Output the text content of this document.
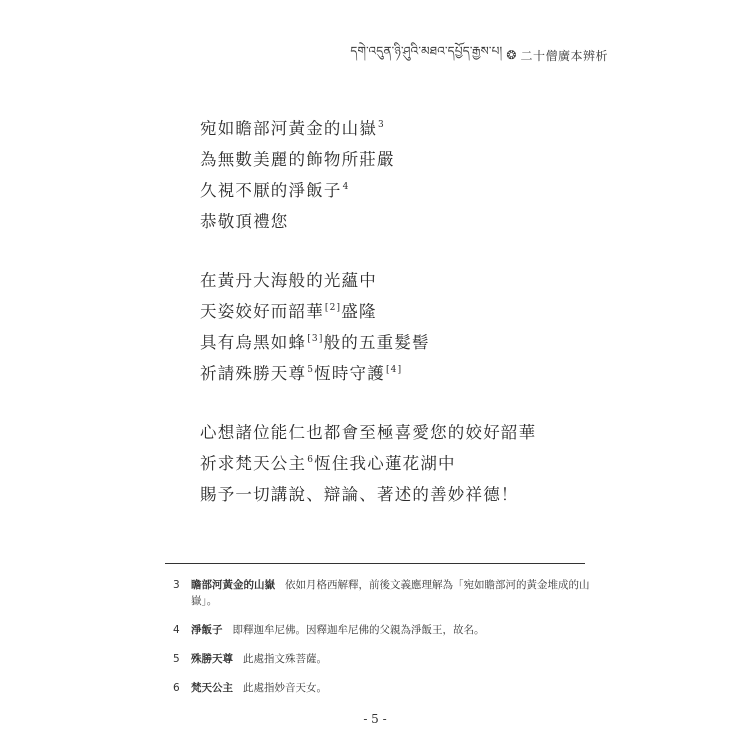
དགེ་འདུན་ཉི་ཤུའི་མཐའ་དཔྱོད་རྒྱས་པ། ❂ 二十僧廣本辨析
宛如瞻部河黃金的山嶽$^3$
為無數美麗的飾物所莊嚴
久視不厭的淨飯子$^4$
恭敬頂禮您
在黃丹大海般的光蘊中
天姿姣好而韶華[2]盛隆
具有烏黑如蜂[3]般的五重髮髻
祈請殊勝天尊$^5$恆時守護[4]
心想諸位能仁也都會至極喜愛您的姣好韶華
祈求梵天公主$^6$恆住我心蓮花湖中
賜予一切講說、辯論、著述的善妙祥德！
3	瞻部河黃金的山嶽 依如月格西解釋，前後文義應理解為「宛如瞻部河的黃金堆成的山嶽」。
4	淨飯子 即釋迦牟尼佛。因釋迦牟尼佛的父親為淨飯王，故名。
5	殊勝天尊 此處指文殊菩薩。
6	梵天公主 此處指妙音天女。
- 5 -
